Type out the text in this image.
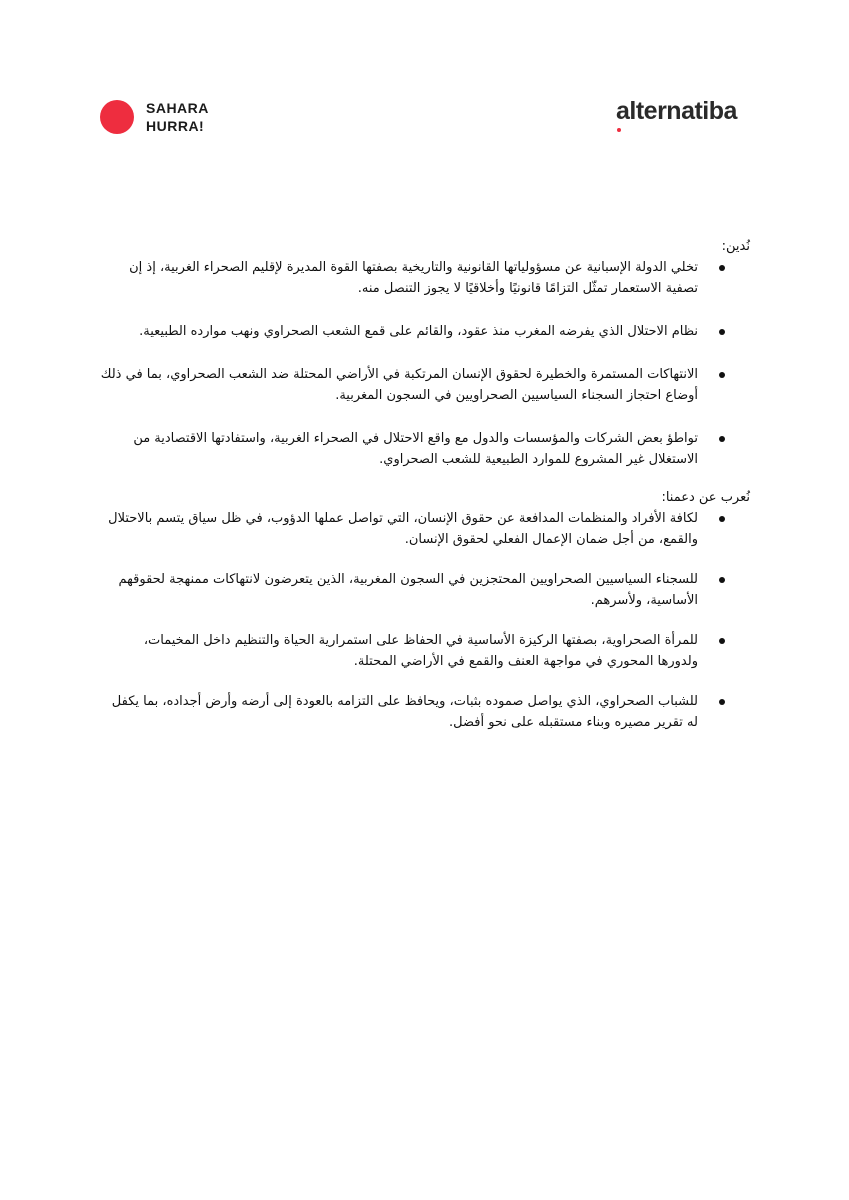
SAHARA
HURRA!
alternatiba
نُدين:
تخلي الدولة الإسبانية عن مسؤولياتها القانونية والتاريخية بصفتها القوة المديرة لإقليم الصحراء الغربية، إذ إن تصفية الاستعمار تمثّل التزامًا قانونيًا وأخلاقيًا لا يجوز التنصل منه.
نظام الاحتلال الذي يفرضه المغرب منذ عقود، والقائم على قمع الشعب الصحراوي ونهب موارده الطبيعية.
الانتهاكات المستمرة والخطيرة لحقوق الإنسان المرتكبة في الأراضي المحتلة ضد الشعب الصحراوي، بما في ذلك أوضاع احتجاز السجناء السياسيين الصحراويين في السجون المغربية.
تواطؤ بعض الشركات والمؤسسات والدول مع واقع الاحتلال في الصحراء الغربية، واستفادتها الاقتصادية من الاستغلال غير المشروع للموارد الطبيعية للشعب الصحراوي.
نُعرب عن دعمنا:
لكافة الأفراد والمنظمات المدافعة عن حقوق الإنسان، التي تواصل عملها الدؤوب، في ظل سياق يتسم بالاحتلال والقمع، من أجل ضمان الإعمال الفعلي لحقوق الإنسان.
للسجناء السياسيين الصحراويين المحتجزين في السجون المغربية، الذين يتعرضون لانتهاكات ممنهجة لحقوقهم الأساسية، ولأسرهم.
للمرأة الصحراوية، بصفتها الركيزة الأساسية في الحفاظ على استمرارية الحياة والتنظيم داخل المخيمات، ولدورها المحوري في مواجهة العنف والقمع في الأراضي المحتلة.
للشباب الصحراوي، الذي يواصل صموده بثبات، ويحافظ على التزامه بالعودة إلى أرضه وأرض أجداده، بما يكفل له تقرير مصيره وبناء مستقبله على نحو أفضل.
